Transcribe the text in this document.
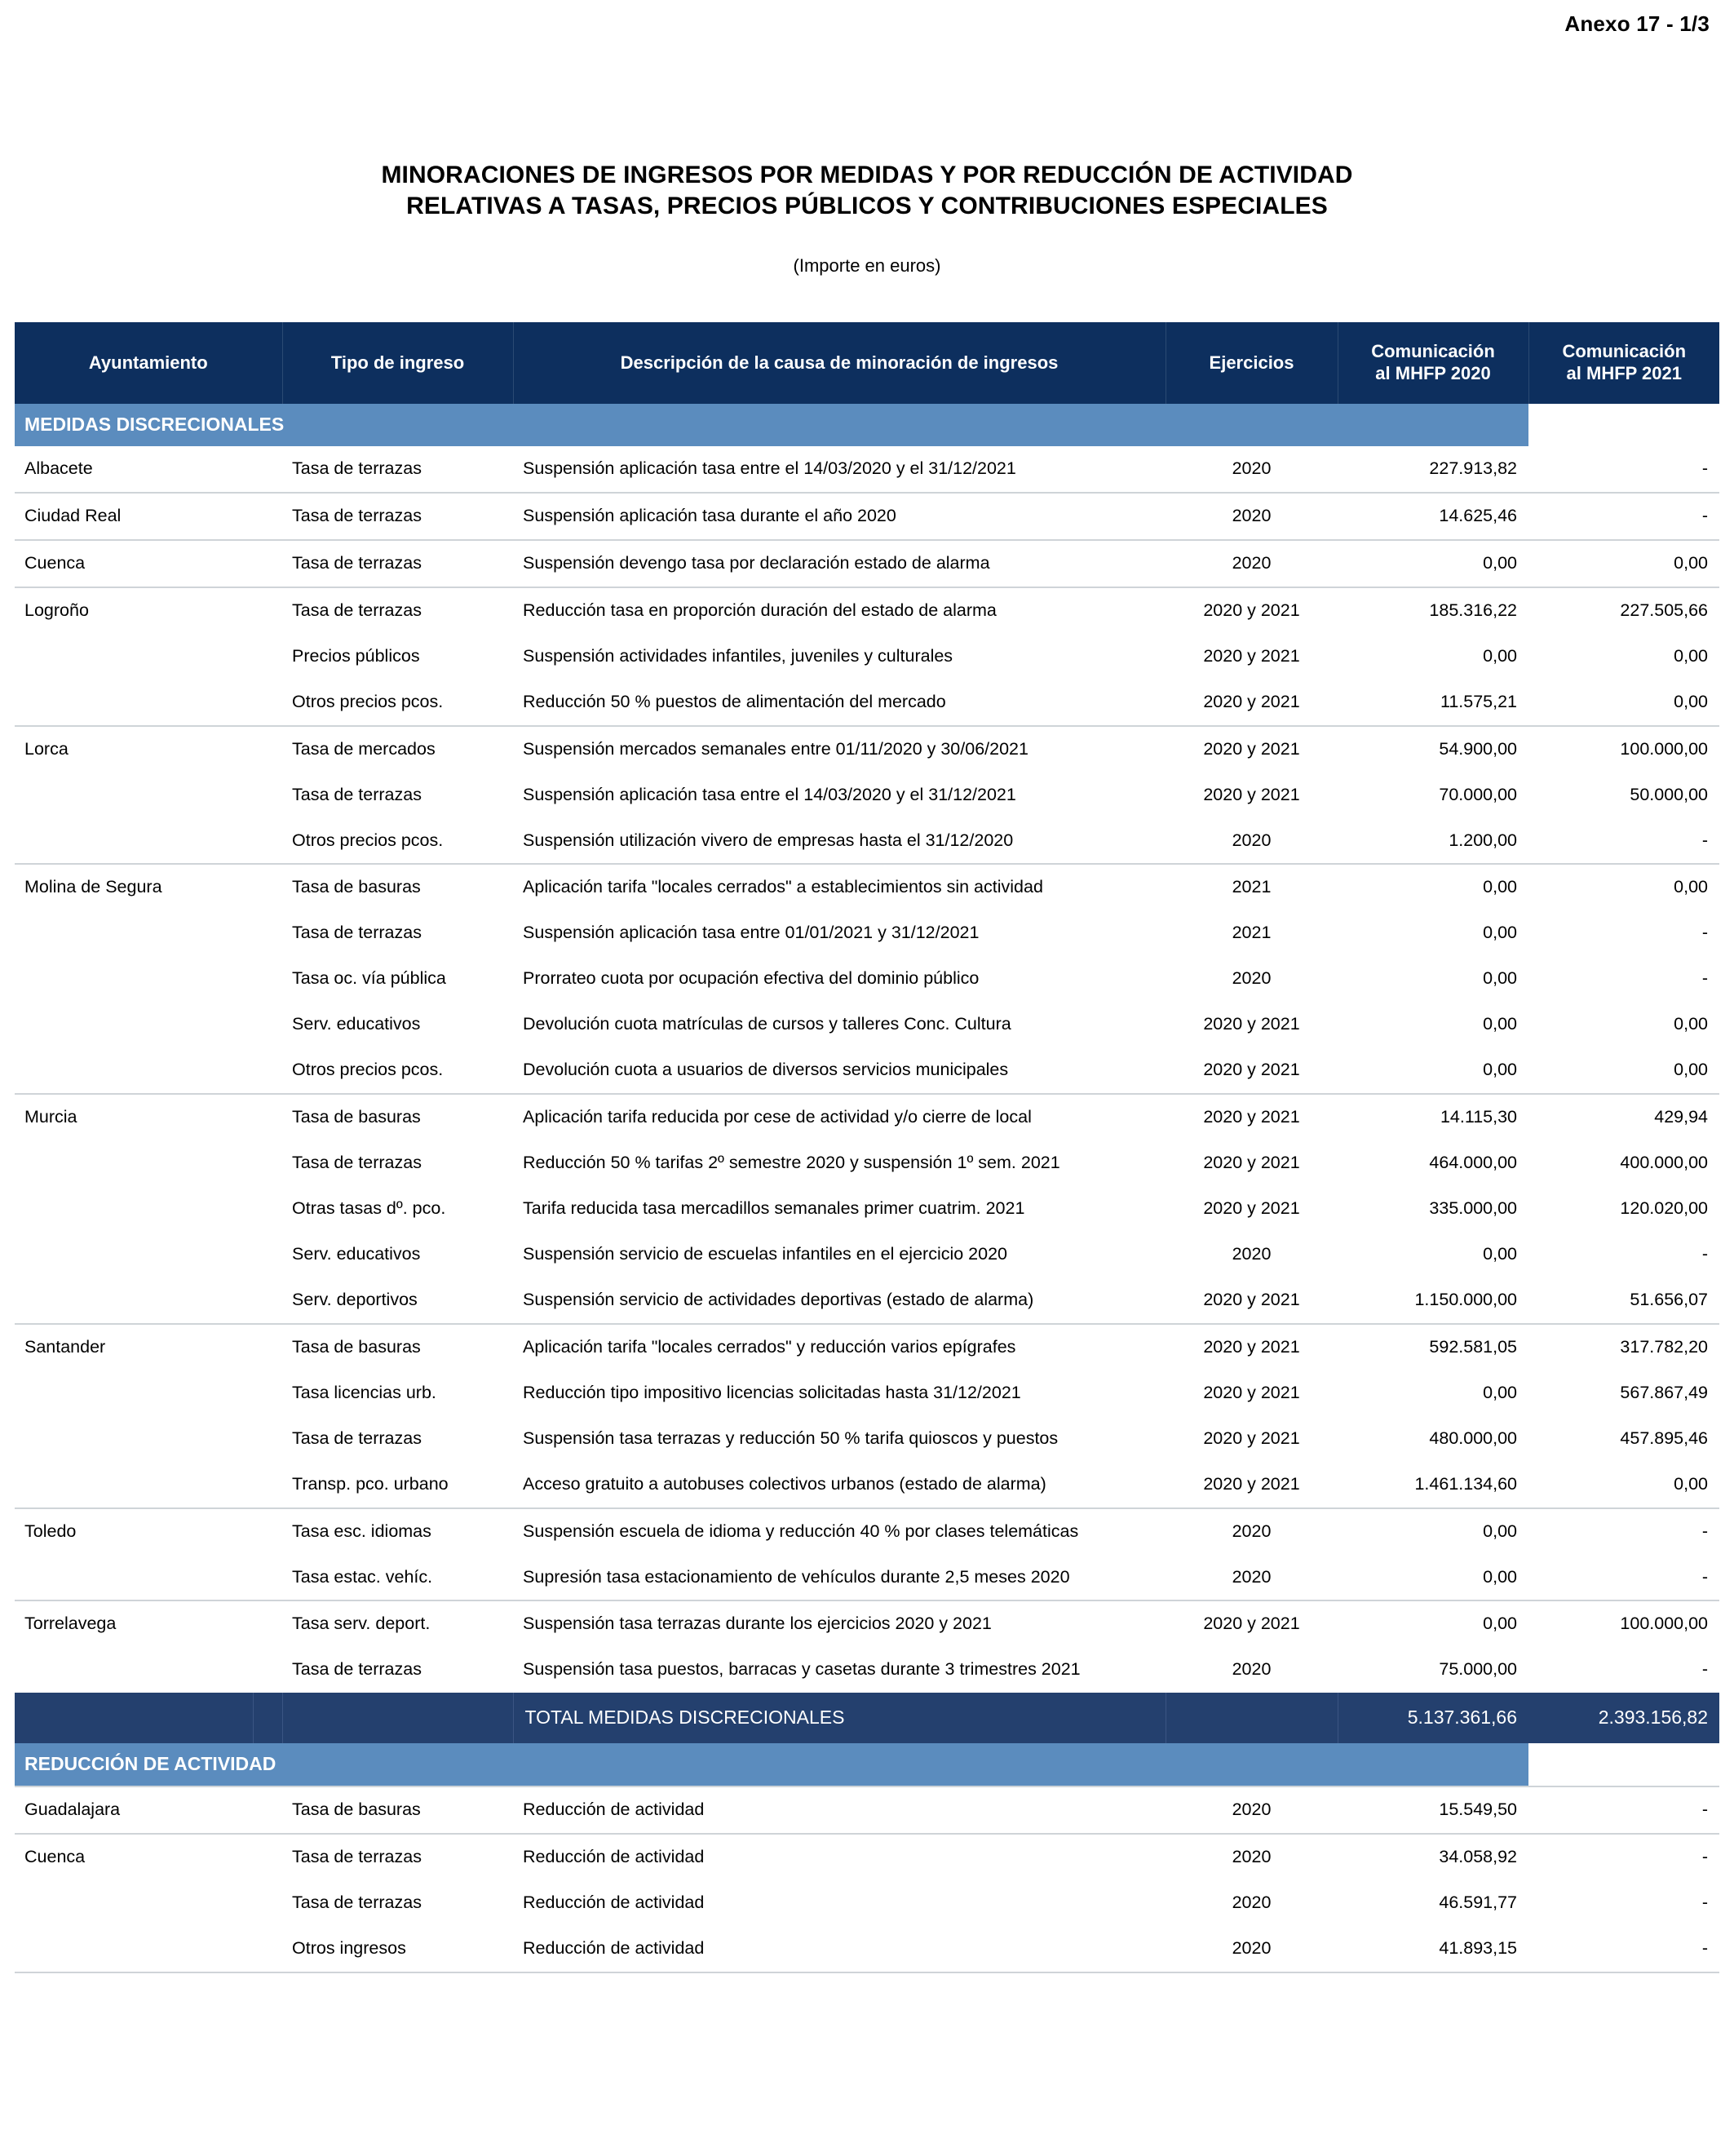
Anexo 17 - 1/3
MINORACIONES DE INGRESOS POR MEDIDAS Y POR REDUCCIÓN DE ACTIVIDAD
RELATIVAS A TASAS, PRECIOS PÚBLICOS Y CONTRIBUCIONES ESPECIALES
(Importe en euros)
Ayuntamiento		Tipo de ingreso	Descripción de la causa de minoración de ingresos	Ejercicios	Comunicación
al MHFP 2020	Comunicación
al MHFP 2021
MEDIDAS DISCRECIONALES						
Albacete		Tasa de terrazas	Suspensión aplicación tasa entre el 14/03/2020 y el 31/12/2021	2020	227.913,82	-
Ciudad Real		Tasa de terrazas	Suspensión aplicación tasa durante el año 2020	2020	14.625,46	-
Cuenca		Tasa de terrazas	Suspensión devengo tasa por declaración estado de alarma	2020	0,00	0,00
Logroño		Tasa de terrazas	Reducción tasa en proporción duración del estado de alarma	2020 y 2021	185.316,22	227.505,66
		Precios públicos	Suspensión actividades infantiles, juveniles y culturales	2020 y 2021	0,00	0,00
		Otros precios pcos.	Reducción 50 % puestos de alimentación del mercado	2020 y 2021	11.575,21	0,00
Lorca		Tasa de mercados	Suspensión mercados semanales entre 01/11/2020 y 30/06/2021	2020 y 2021	54.900,00	100.000,00
		Tasa de terrazas	Suspensión aplicación tasa entre el 14/03/2020 y el 31/12/2021	2020 y 2021	70.000,00	50.000,00
		Otros precios pcos.	Suspensión utilización vivero de empresas hasta el 31/12/2020	2020	1.200,00	-
Molina de Segura		Tasa de basuras	Aplicación tarifa "locales cerrados" a establecimientos sin actividad	2021	0,00	0,00
		Tasa de terrazas	Suspensión aplicación tasa entre 01/01/2021 y 31/12/2021	2021	0,00	-
		Tasa oc. vía pública	Prorrateo cuota por ocupación efectiva del dominio público	2020	0,00	-
		Serv. educativos	Devolución cuota matrículas de cursos y talleres Conc. Cultura	2020 y 2021	0,00	0,00
		Otros precios pcos.	Devolución cuota a usuarios de diversos servicios municipales	2020 y 2021	0,00	0,00
Murcia		Tasa de basuras	Aplicación tarifa reducida por cese de actividad y/o cierre de local	2020 y 2021	14.115,30	429,94
		Tasa de terrazas	Reducción 50 % tarifas 2º semestre 2020 y suspensión 1º sem. 2021	2020 y 2021	464.000,00	400.000,00
		Otras tasas dº. pco.	Tarifa reducida tasa mercadillos semanales primer cuatrim. 2021	2020 y 2021	335.000,00	120.020,00
		Serv. educativos	Suspensión servicio de escuelas infantiles en el ejercicio 2020	2020	0,00	-
		Serv. deportivos	Suspensión servicio de actividades deportivas (estado de alarma)	2020 y 2021	1.150.000,00	51.656,07
Santander		Tasa de basuras	Aplicación tarifa "locales cerrados" y reducción varios epígrafes	2020 y 2021	592.581,05	317.782,20
		Tasa licencias urb.	Reducción tipo impositivo licencias solicitadas hasta 31/12/2021	2020 y 2021	0,00	567.867,49
		Tasa de terrazas	Suspensión tasa terrazas y reducción 50 % tarifa quioscos y puestos	2020 y 2021	480.000,00	457.895,46
		Transp. pco. urbano	Acceso gratuito a autobuses colectivos urbanos (estado de alarma)	2020 y 2021	1.461.134,60	0,00
Toledo		Tasa esc. idiomas	Suspensión escuela de idioma y reducción 40 % por clases telemáticas	2020	0,00	-
		Tasa estac. vehíc.	Supresión tasa estacionamiento de vehículos durante 2,5 meses 2020	2020	0,00	-
Torrelavega		Tasa serv. deport.	Suspensión tasa terrazas durante los ejercicios 2020 y 2021	2020 y 2021	0,00	100.000,00
		Tasa de terrazas	Suspensión tasa puestos, barracas y casetas durante 3 trimestres 2021	2020	75.000,00	-
			TOTAL MEDIDAS DISCRECIONALES		5.137.361,66	2.393.156,82
REDUCCIÓN DE ACTIVIDAD						
Guadalajara		Tasa de basuras	Reducción de actividad	2020	15.549,50	-
Cuenca		Tasa de terrazas	Reducción de actividad	2020	34.058,92	-
		Tasa de terrazas	Reducción de actividad	2020	46.591,77	-
		Otros ingresos	Reducción de actividad	2020	41.893,15	-
